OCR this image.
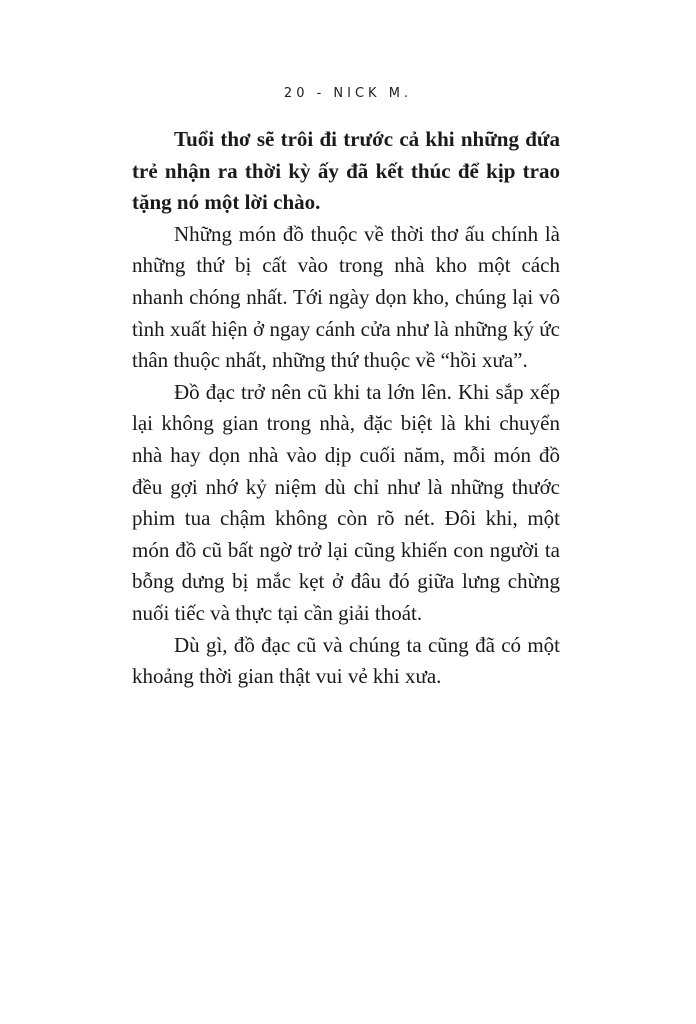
20 - NICK M.

Tuổi thơ sẽ trôi đi trước cả khi những đứa trẻ nhận ra thời kỳ ấy đã kết thúc để kịp trao tặng nó một lời chào.

Những món đồ thuộc về thời thơ ấu chính là những thứ bị cất vào trong nhà kho một cách nhanh chóng nhất. Tới ngày dọn kho, chúng lại vô tình xuất hiện ở ngay cánh cửa như là những ký ức thân thuộc nhất, những thứ thuộc về “hồi xưa”.

Đồ đạc trở nên cũ khi ta lớn lên. Khi sắp xếp lại không gian trong nhà, đặc biệt là khi chuyển nhà hay dọn nhà vào dịp cuối năm, mỗi món đồ đều gợi nhớ kỷ niệm dù chỉ như là những thước phim tua chậm không còn rõ nét. Đôi khi, một món đồ cũ bất ngờ trở lại cũng khiến con người ta bỗng dưng bị mắc kẹt ở đâu đó giữa lưng chừng nuối tiếc và thực tại cần giải thoát.

Dù gì, đồ đạc cũ và chúng ta cũng đã có một khoảng thời gian thật vui vẻ khi xưa.
